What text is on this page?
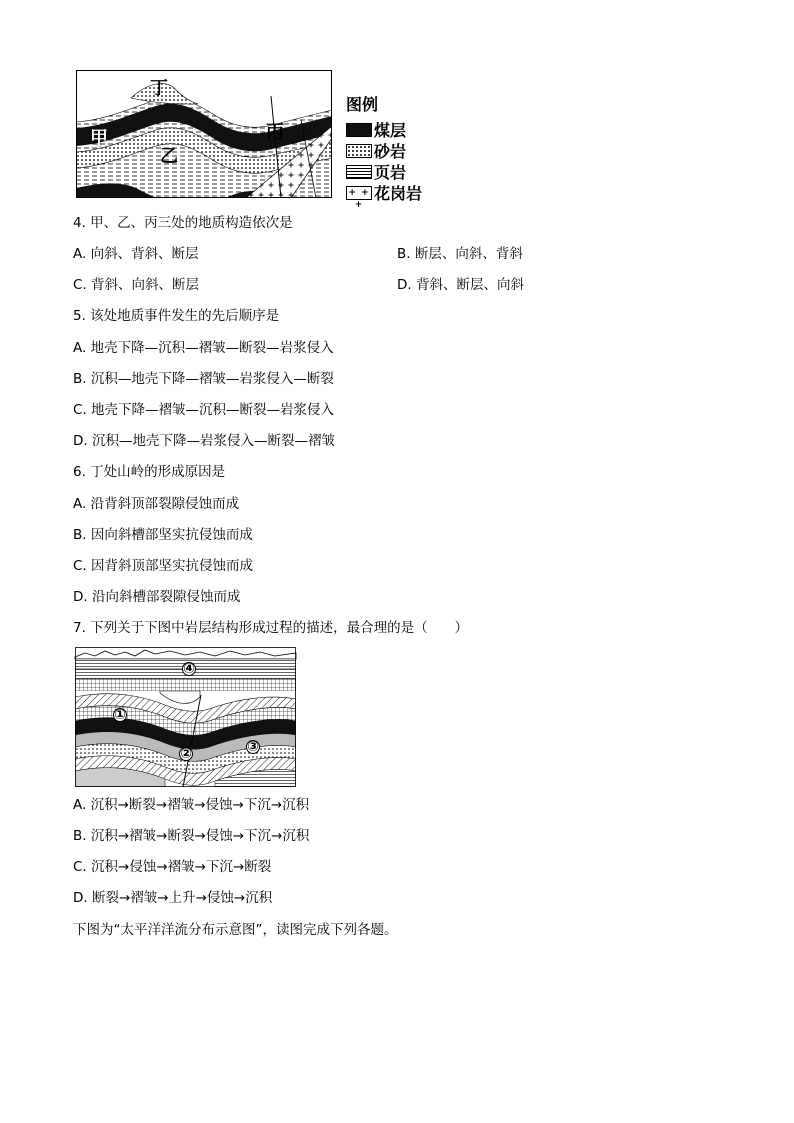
丁
甲
乙
丙
图例
煤层
砂岩
页岩
+ + +
花岗岩
4. 甲、乙、丙三处的地质构造依次是
A. 向斜、背斜、断层	B. 断层、向斜、背斜
C. 背斜、向斜、断层	D. 背斜、断层、向斜
5. 该处地质事件发生的先后顺序是
A. 地壳下降—沉积—褶皱—断裂—岩浆侵入
B. 沉积—地壳下降—褶皱—岩浆侵入—断裂
C. 地壳下降—褶皱—沉积—断裂—岩浆侵入
D. 沉积—地壳下降—岩浆侵入—断裂—褶皱
6. 丁处山岭的形成原因是
A. 沿背斜顶部裂隙侵蚀而成
B. 因向斜槽部坚实抗侵蚀而成
C. 因背斜顶部坚实抗侵蚀而成
D. 沿向斜槽部裂隙侵蚀而成
7. 下列关于下图中岩层结构形成过程的描述，最合理的是（　　）
④
①
②	③
A. 沉积→断裂→褶皱→侵蚀→下沉→沉积
B. 沉积→褶皱→断裂→侵蚀→下沉→沉积
C. 沉积→侵蚀→褶皱→下沉→断裂
D. 断裂→褶皱→上升→侵蚀→沉积
下图为“太平洋洋流分布示意图”，读图完成下列各题。
